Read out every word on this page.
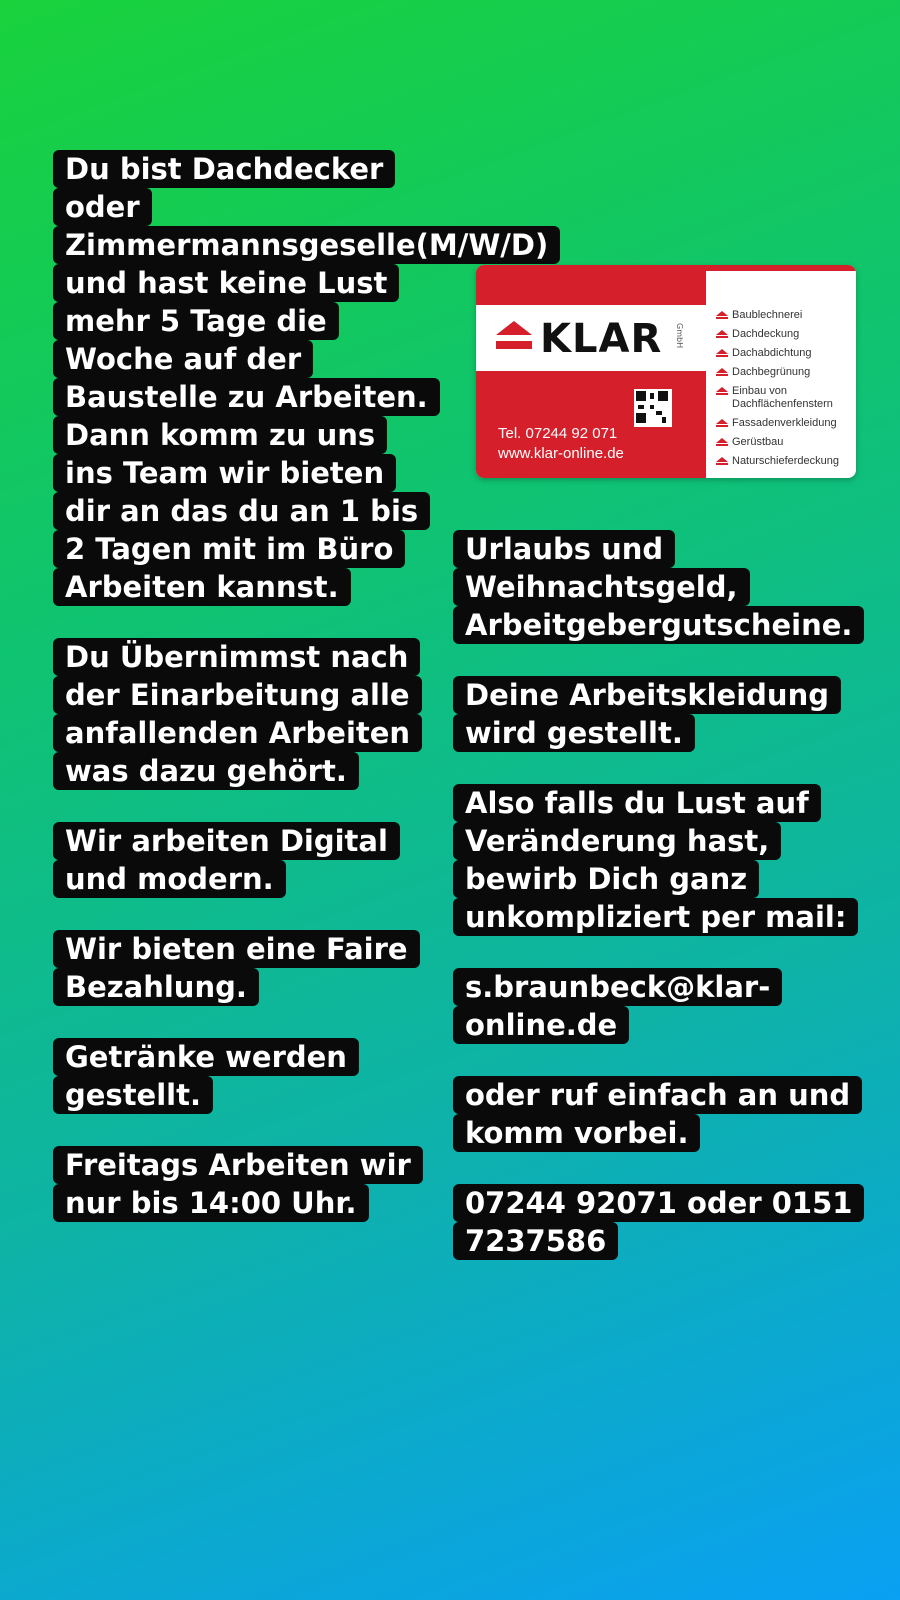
Du bist Dachdecker oder Zimmermannsgeselle(M/W/D) und hast keine Lust mehr 5 Tage die Woche auf der Baustelle zu Arbeiten. Dann komm zu uns ins Team wir bieten dir an das du an 1 bis 2 Tagen mit im Büro Arbeiten kannst.

Du Übernimmst nach der Einarbeitung alle anfallenden Arbeiten was dazu gehört.

Wir arbeiten Digital und modern.

Wir bieten eine Faire Bezahlung.

Getränke werden gestellt.

Freitags Arbeiten wir nur bis 14:00 Uhr.

KLAR GmbH
Tel. 07244 92 071
www.klar-online.de
Baublechnerei
Dachdeckung
Dachabdichtung
Dachbegrünung
Einbau von Dachflächenfenstern
Fassadenverkleidung
Gerüstbau
Naturschieferdeckung

Urlaubs und Weihnachtsgeld, Arbeitgebergutscheine.

Deine Arbeitskleidung wird gestellt.

Also falls du Lust auf Veränderung hast, bewirb Dich ganz unkompliziert per mail:

s.braunbeck@klar-online.de

oder ruf einfach an und komm vorbei.

07244 92071 oder 0151 7237586
